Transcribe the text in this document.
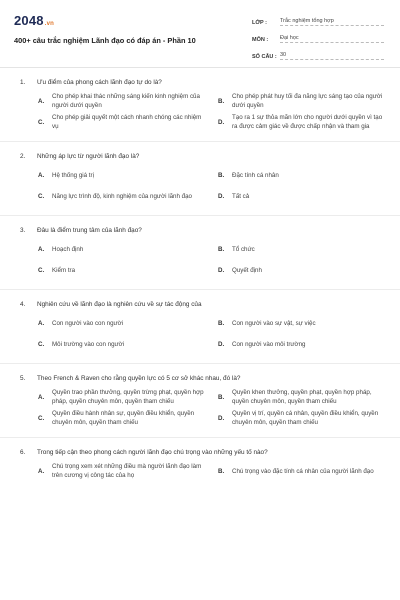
2048.vn
400+ câu trắc nghiệm Lãnh đạo có đáp án - Phần 10
LỚP :	Trắc nghiệm tổng hợp
MÔN :	Đại học
SỐ CÂU : 30
1.	Ưu điểm của phong cách lãnh đạo tự do là?
A.
Cho phép khai thác những sáng kiến kinh nghiệm của người dưới quyền
B.
Cho phép phát huy tối đa năng lực sáng tạo của người dưới quyền
C.
Cho phép giải quyết một cách nhanh chóng các nhiệm vụ
D.
Tạo ra 1 sự thỏa mãn lớn cho người dưới quyền vì tạo ra được cảm giác về được chấp nhận và tham gia
2.	Những áp lực từ người lãnh đạo là?
A.	Hệ thống giá trị	B.	Đặc tính cá nhân
C.	Năng lực trình độ, kinh nghiệm của người lãnh đạo	D.	Tất cả
3.	Đâu là điểm trung tâm của lãnh đạo?
A.	Hoạch định	B.	Tổ chức
C.	Kiểm tra	D.	Quyết định
4.	Nghiên cứu về lãnh đạo là nghiên cứu về sự tác động của
A.	Con người vào con người	B.	Con người vào sự vật, sự việc
C.	Môi trường vào con người	D.	Con người vào môi trường
5.	Theo French & Raven cho rằng quyền lực có 5 cơ sở khác nhau, đó là?
A.
Quyền trao phần thưởng, quyền trừng phạt, quyền hợp pháp, quyền chuyên môn, quyền tham chiếu
B.
Quyền khen thưởng, quyền phạt, quyền hợp pháp, quyền chuyên môn, quyền tham chiếu
C.
Quyền điều hành nhân sự, quyền điều khiển, quyền chuyên môn, quyền tham chiếu
D.
Quyền vị trí, quyền cá nhân, quyền điều khiển, quyền chuyên môn, quyền tham chiếu
6.	Trong tiếp cận theo phong cách người lãnh đạo chú trọng vào những yếu tố nào?
A.
Chú trọng xem xét những điều mà người lãnh đạo làm trên cương vị công tác của họ
B.	Chú trọng vào đặc tính cá nhân của người lãnh đạo
